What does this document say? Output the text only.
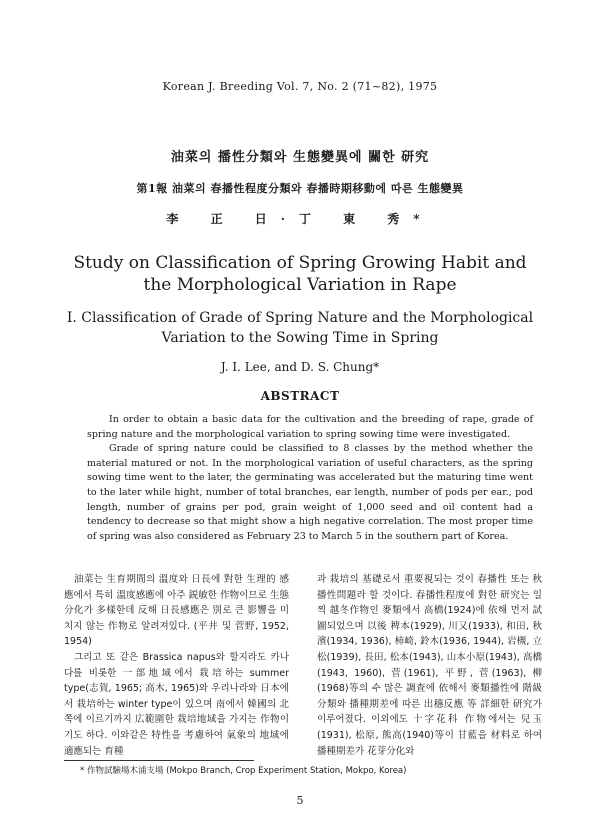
Korean J. Breeding Vol. 7, No. 2 (71~82), 1975
油菜의 播性分類와 生態變異에 關한 研究
第1報 油菜의 春播性程度分類와 春播時期移動에 따른 生態變異
李 正 日·丁 東 秀*
Study on Classification of Spring Growing Habit and
the Morphological Variation in Rape
I. Classification of Grade of Spring Nature and the Morphological
Variation to the Sowing Time in Spring
J. I. Lee, and D. S. Chung*
ABSTRACT

In order to obtain a basic data for the cultivation and the breeding of rape, grade of spring nature and the morphological variation to spring sowing time were investigated.

Grade of spring nature could be classified to 8 classes by the method whether the material matured or not. In the morphological variation of useful characters, as the spring sowing time went to the later, the germinating was accelerated but the maturing time went to the later while hight, number of total branches, ear length, number of pods per ear., pod length, number of grains per pod, grain weight of 1,000 seed and oil content had a tendency to decrease so that might show a high negative correlation. The most proper time of spring was also considered as February 23 to March 5 in the southern part of Korea.

油菜는 生育期間의 溫度와 日長에 對한 生理的 感應에서 특히 溫度感應에 아주 鋭敏한 作物이므로 生態分化가 多樣한데 反해 日長感應은 別로 큰 影響을 미치지 않는 作物로 알려져있다. (平井 및 菅野, 1952, 1954)

그리고 또 같은 Brassica napus와 할지라도 카나다를 비롯한 一部地域에서 栽培하는 summer type(志賀, 1965; 高木, 1965)와 우리나라와 日本에서 栽培하는 winter type이 있으며 南에서 韓國의 北쪽에 이르기까지 広範圍한 栽培地域을 가지는 作物이기도 하다. 이와같은 特性을 考慮하여 氣象의 地域에 適應되는 育種

과 栽培의 基礎로서 重要視되는 것이 春播性 또는 秋播性問題라 할 것이다. 春播性程度에 對한 研究는 일찍 越冬作物인 麥類에서 高橋(1924)에 依해 먼저 試圖되었으며 以後 稗本(1929), 川又(1933), 和田, 秋濱(1934, 1936), 柿崎, 鈴木(1936, 1944), 岩槻, 立松(1939), 長田, 松本(1943), 山本小原(1943), 高橋(1943, 1960), 菅(1961), 平野, 菅(1963), 柳(1968)等의 수 많은 調査에 依해서 麥類播性에 階級分類와 播種期差에 따른 出穗反應 等 詳細한 研究가 이루어졌다. 이외에도 十字花科 作物에서는 兒玉(1931), 松原, 熊高(1940)等이 甘藍을 材料로 하여 播種期差가 花芽分化와

* 作物試驗場木浦支場 (Mokpo Branch, Crop Experiment Station, Mokpo, Korea)
5
